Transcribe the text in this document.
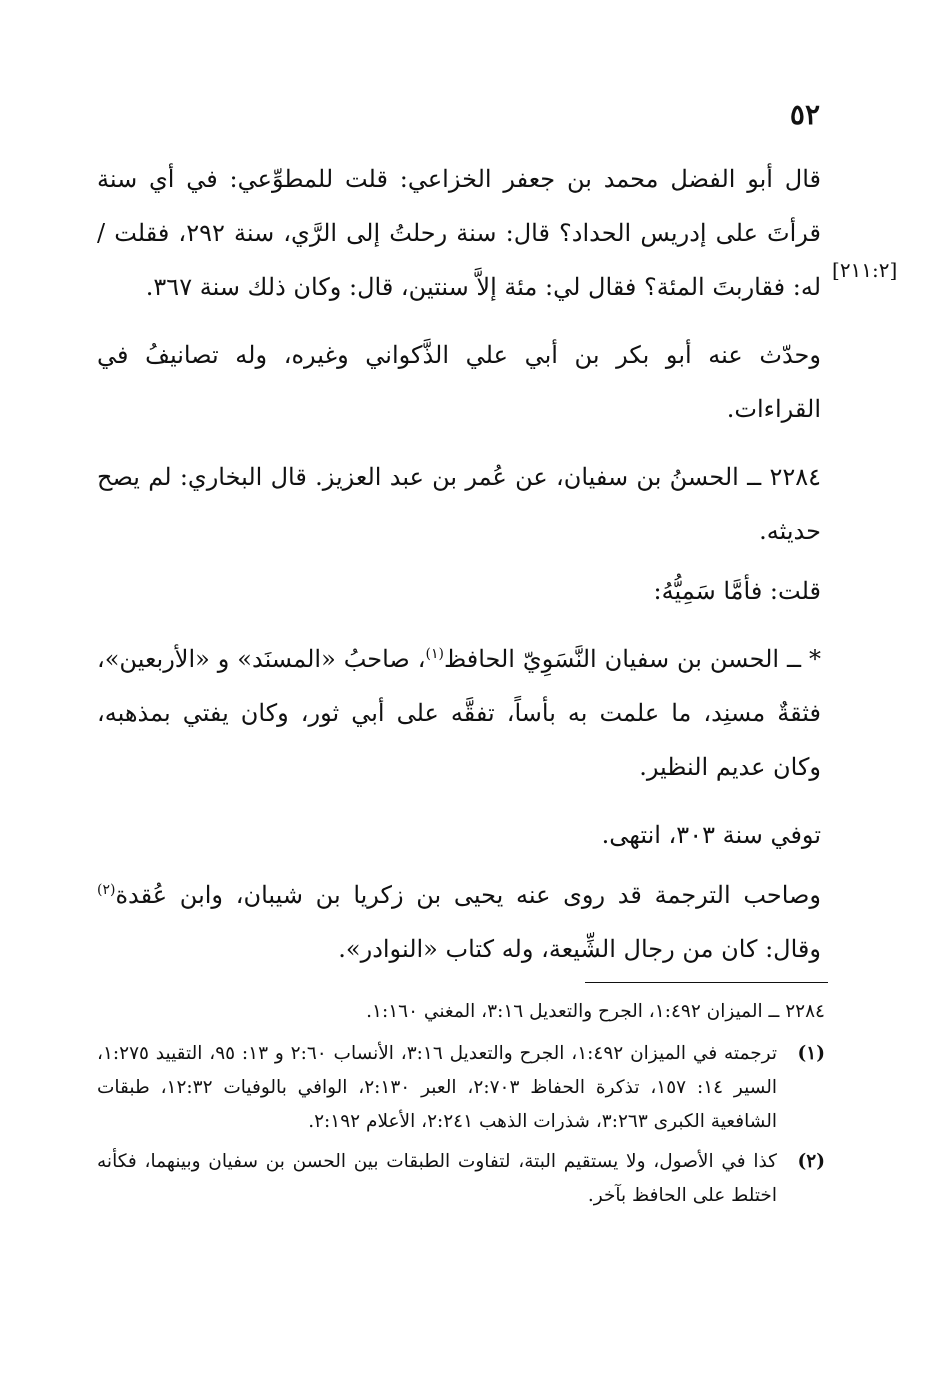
٥٢
[٢١١:٢]

قال أبو الفضل محمد بن جعفر الخزاعي: قلت للمطوِّعي: في أي سنة قرأتَ على إدريس الحداد؟ قال: سنة رحلتُ إلى الرَّي، سنة ٢٩٢، فقلت / له: فقاربتَ المئة؟ فقال لي: مئة إلاَّ سنتين، قال: وكان ذلك سنة ٣٦٧.

وحدّث عنه أبو بكر بن أبي علي الذَّكواني وغيره، وله تصانيفُ في القراءات.

٢٢٨٤ ــ الحسنُ بن سفيان، عن عُمر بن عبد العزيز. قال البخاري: لم يصح حديثه.

قلت: فأمَّا سَمِيُّهُ:

* ــ الحسن بن سفيان النَّسَوِيّ الحافظ$^{(١)}$، صاحبُ «المسنَد» و «الأربعين»، فثقةٌ مسنِد، ما علمت به بأساً، تفقَّه على أبي ثور، وكان يفتي بمذهبه، وكان عديم النظير.

توفي سنة ٣٠٣، انتهى.

وصاحب الترجمة قد روى عنه يحيى بن زكريا بن شيبان، وابن عُقدة$^{(٢)}$ وقال: كان من رجال الشِّيعة، وله كتاب «النوادر».

٢٢٨٤ ــ الميزان ١:٤٩٢، الجرح والتعديل ٣:١٦، المغني ١:١٦٠.

(١)
ترجمته في الميزان ١:٤٩٢، الجرح والتعديل ٣:١٦، الأنساب ٢:٦٠ و ١٣: ٩٥، التقييد ١:٢٧٥، السير ١٤: ١٥٧، تذكرة الحفاظ ٢:٧٠٣، العبر ٢:١٣٠، الوافي بالوفيات ١٢:٣٢، طبقات الشافعية الكبرى ٣:٢٦٣، شذرات الذهب ٢:٢٤١، الأعلام ٢:١٩٢.
(٢)
كذا في الأصول، ولا يستقيم البتة، لتفاوت الطبقات بين الحسن بن سفيان وبينهما، فكأنه اختلط على الحافظ بآخر.
